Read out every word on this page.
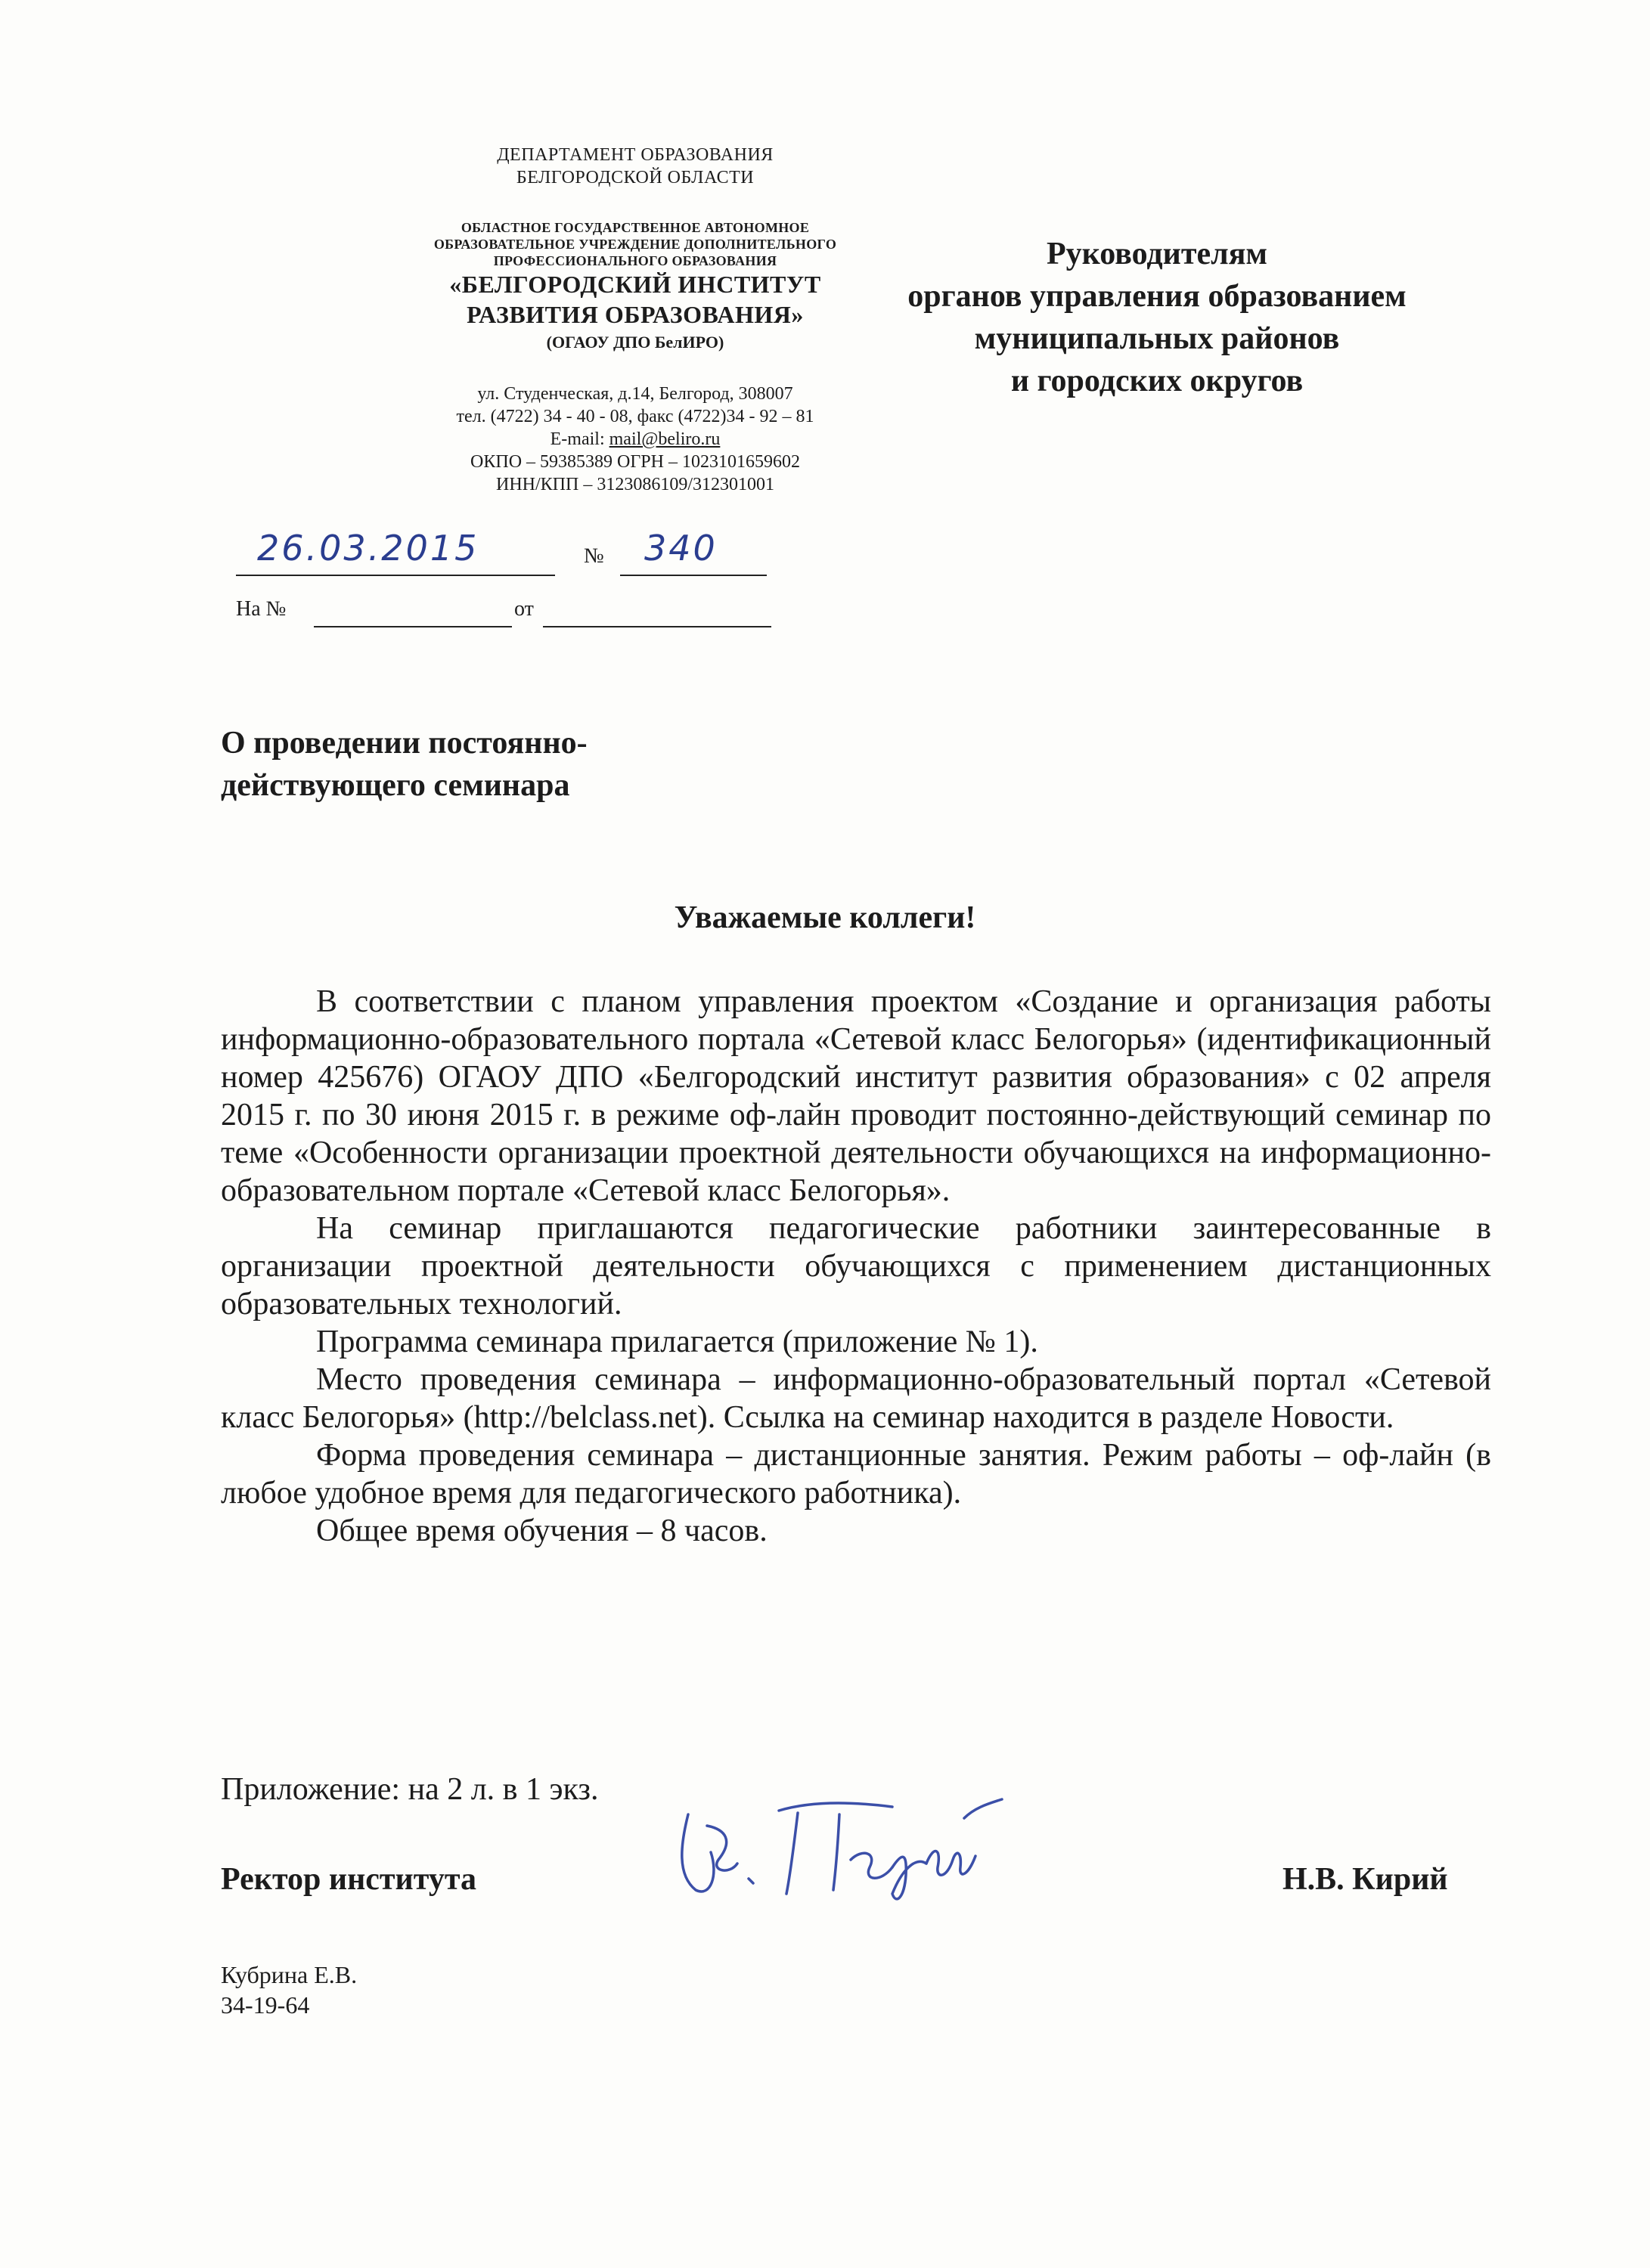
ДЕПАРТАМЕНТ ОБРАЗОВАНИЯ
БЕЛГОРОДСКОЙ ОБЛАСТИ
ОБЛАСТНОЕ ГОСУДАРСТВЕННОЕ АВТОНОМНОЕ
ОБРАЗОВАТЕЛЬНОЕ УЧРЕЖДЕНИЕ ДОПОЛНИТЕЛЬНОГО
ПРОФЕССИОНАЛЬНОГО ОБРАЗОВАНИЯ
«БЕЛГОРОДСКИЙ ИНСТИТУТ
РАЗВИТИЯ ОБРАЗОВАНИЯ»
(ОГАОУ ДПО БелИРО)
ул. Студенческая, д.14, Белгород, 308007
тел. (4722) 34 - 40 - 08, факс (4722)34 - 92 – 81
E-mail: mail@beliro.ru
ОКПО – 59385389 ОГРН – 1023101659602
ИНН/КПП – 3123086109/312301001
26.03.2015	№ 340
На №	от
Руководителям
органов управления образованием
муниципальных районов
и городских округов
О проведении постоянно-
действующего семинара
Уважаемые коллеги!

В соответствии с планом управления проектом «Создание и организация работы информационно-образовательного портала «Сетевой класс Белогорья» (идентификационный номер 425676) ОГАОУ ДПО «Белгородский институт развития образования» с 02 апреля 2015 г. по 30 июня 2015 г. в режиме оф-лайн проводит постоянно-действующий семинар по теме «Особенности организации проектной деятельности обучающихся на информационно-образовательном портале «Сетевой класс Белогорья».

На семинар приглашаются педагогические работники заинтересованные в организации проектной деятельности обучающихся с применением дистанционных образовательных технологий.

Программа семинара прилагается (приложение № 1).

Место проведения семинара – информационно-образовательный портал «Сетевой класс Белогорья» (http://belclass.net). Ссылка на семинар находится в разделе Новости.

Форма проведения семинара – дистанционные занятия. Режим работы – оф-лайн (в любое удобное время для педагогического работника).

Общее время обучения – 8 часов.

Приложение: на 2 л. в 1 экз.
Ректор института	Н.В. Кирий
Кубрина Е.В.
34-19-64
